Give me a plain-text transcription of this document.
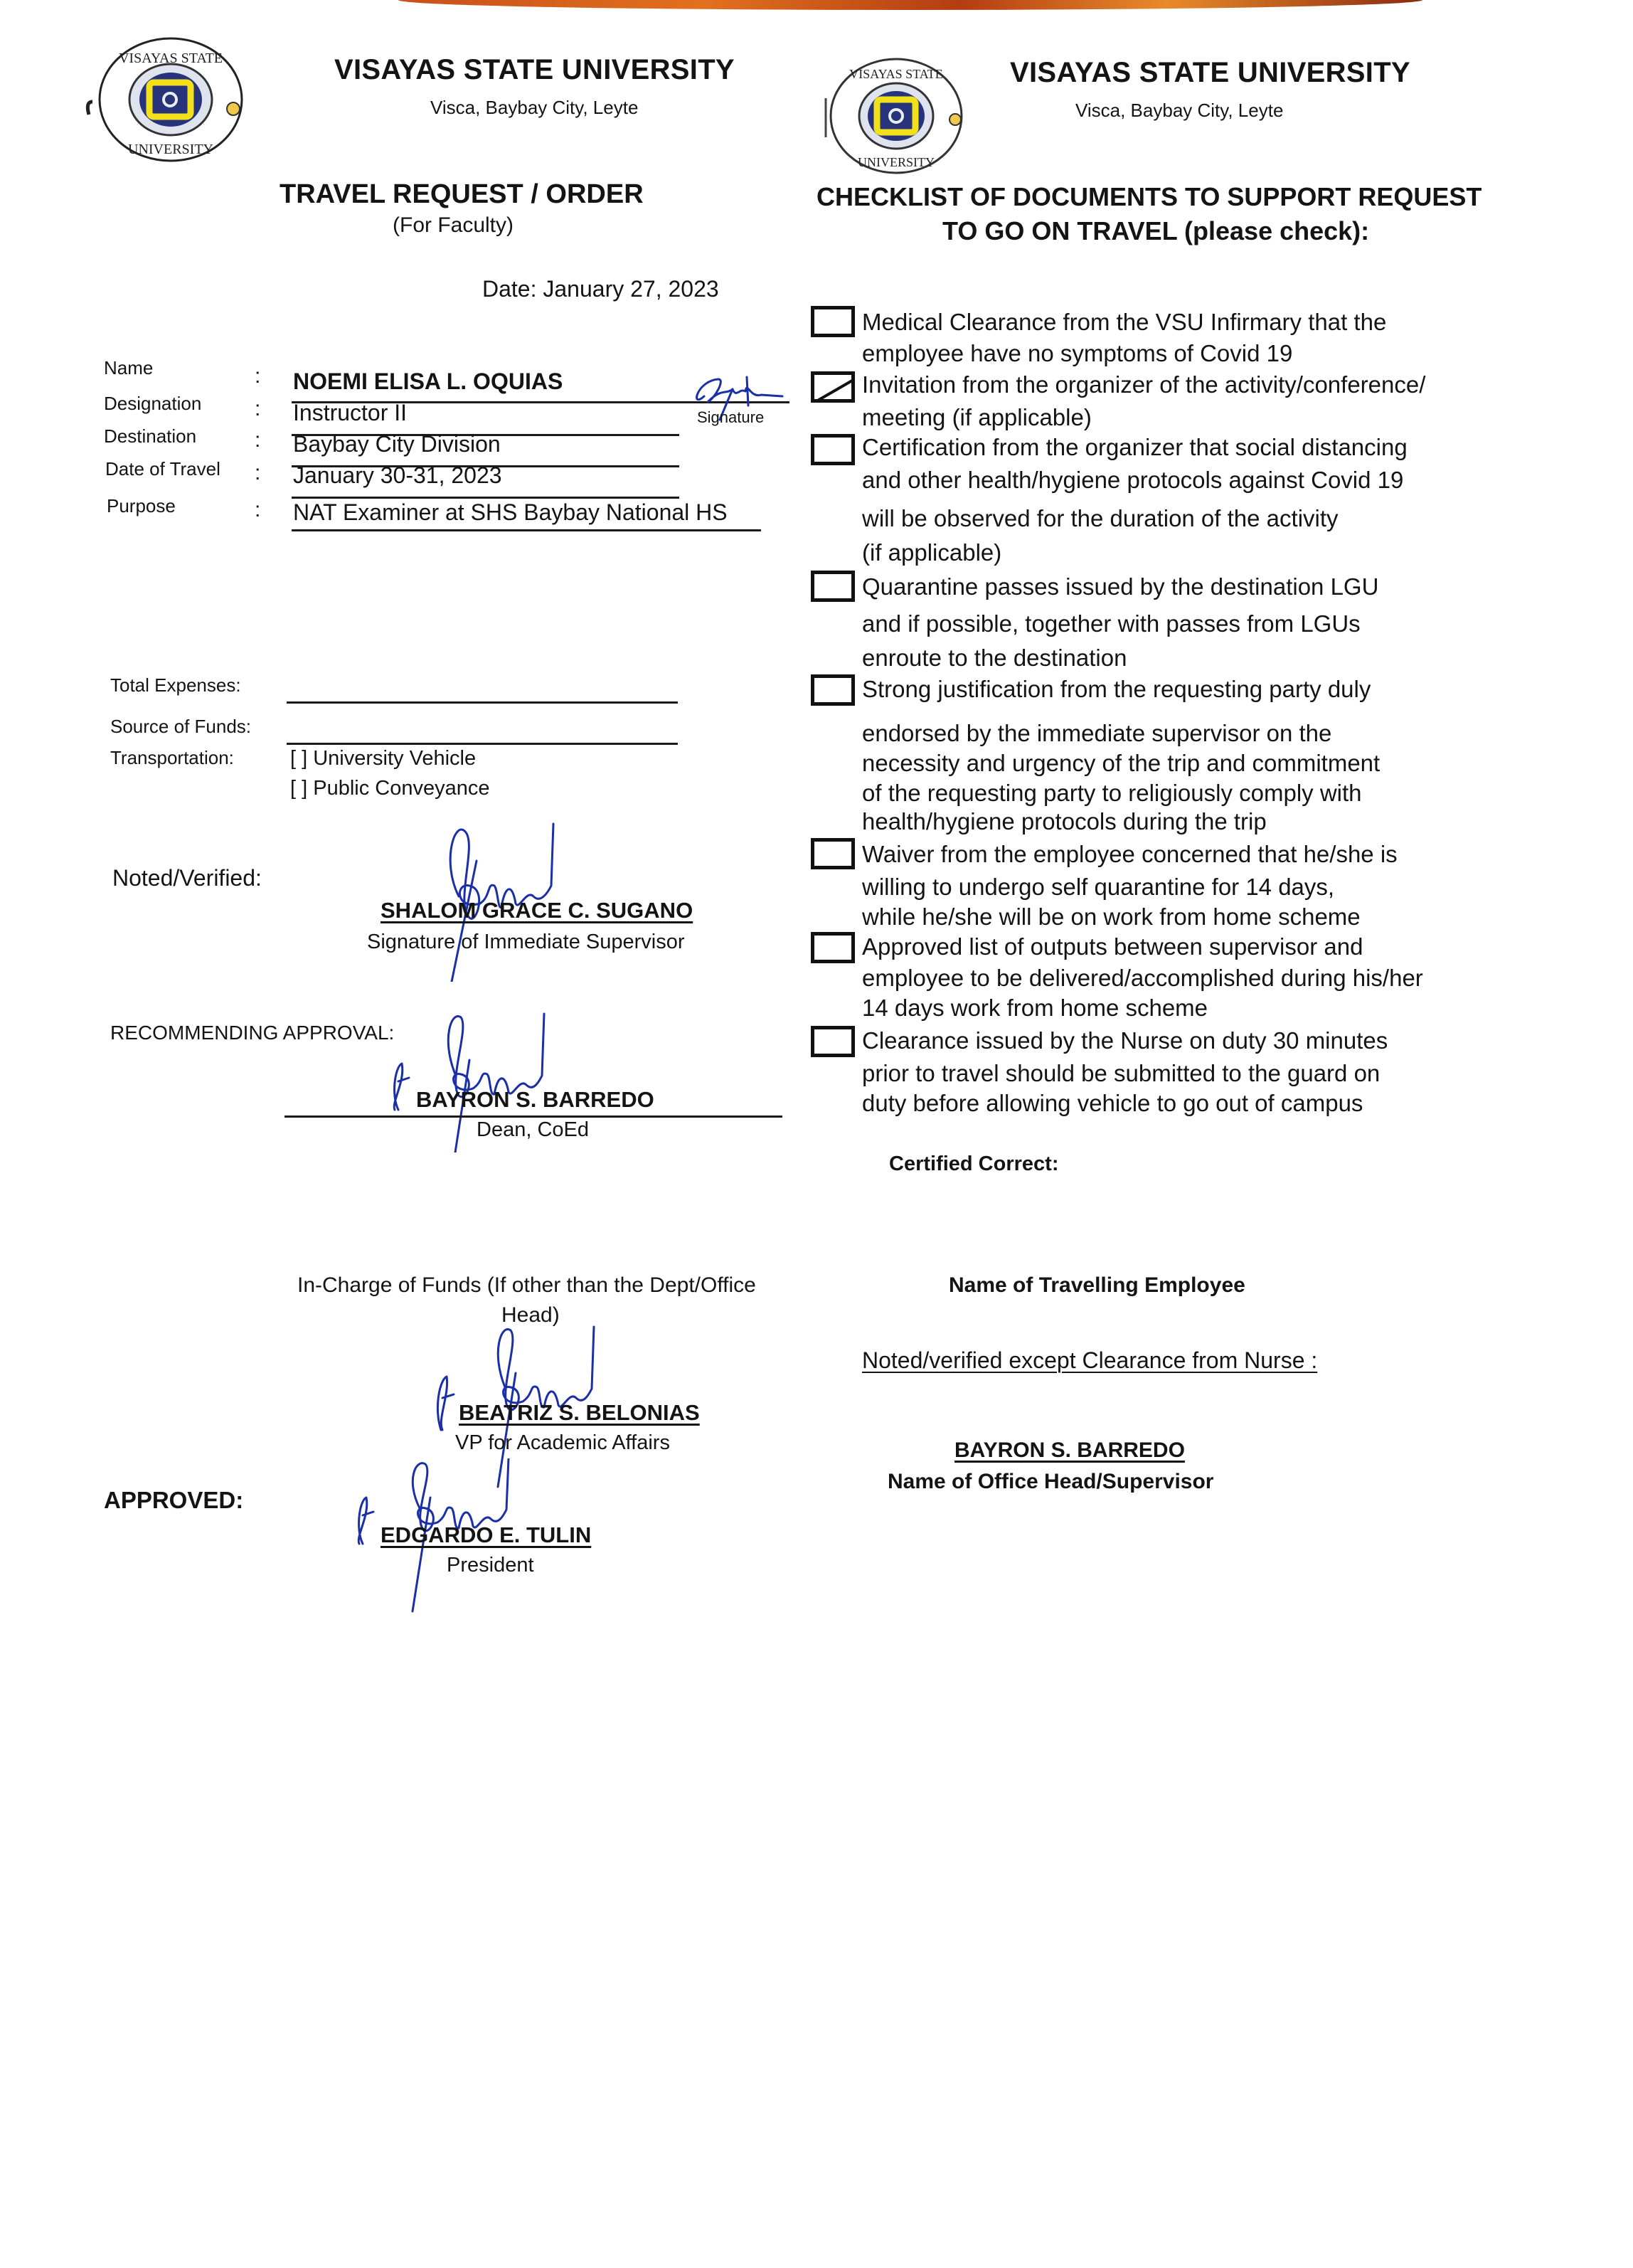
VISAYAS STATE
UNIVERSITY
VISAYAS STATE UNIVERSITY
Visca, Baybay City, Leyte
TRAVEL REQUEST / ORDER
(For Faculty)
Date: January 27, 2023
Name	: NOEMI ELISA L. OQUIAS
Designation : Instructor II
Destination	: Baybay City Division
Date of Travel : January 30-31, 2023
Purpose	: NAT Examiner at SHS Baybay National HS
Signature
Total Expenses:
Source of Funds:
Transportation:	[ ] University Vehicle
[ ] Public Conveyance
Noted/Verified:
SHALOM GRACE C. SUGANO
Signature of Immediate Supervisor
RECOMMENDING APPROVAL:
BAYRON S. BARREDO
Dean, CoEd
In-Charge of Funds (If other than the Dept/Office
Head)
BEATRIZ S. BELONIAS
VP for Academic Affairs
APPROVED:
EDGARDO E. TULIN
President
VISAYAS STATE
UNIVERSITY
VISAYAS STATE UNIVERSITY
Visca, Baybay City, Leyte
CHECKLIST OF DOCUMENTS TO SUPPORT REQUEST
TO GO ON TRAVEL (please check):
Medical Clearance from the VSU Infirmary that the
employee have no symptoms of Covid 19
Invitation from the organizer of the activity/conference/
meeting (if applicable)
Certification from the organizer that social distancing
and other health/hygiene protocols against Covid 19
will be observed for the duration of the activity
(if applicable)
Quarantine passes issued by the destination LGU
and if possible, together with passes from LGUs
enroute to the destination
Strong justification from the requesting party duly
endorsed by the immediate supervisor on the
necessity and urgency of the trip and commitment
of the requesting party to religiously comply with
health/hygiene protocols during the trip
Waiver from the employee concerned that he/she is
willing to undergo self quarantine for 14 days,
while he/she will be on work from home scheme
Approved list of outputs between supervisor and
employee to be delivered/accomplished during his/her
14 days work from home scheme
Clearance issued by the Nurse on duty 30 minutes
prior to travel should be submitted to the guard on
duty before allowing vehicle to go out of campus
Certified Correct:
Name of Travelling Employee
Noted/verified except Clearance from Nurse :
BAYRON S. BARREDO
Name of Office Head/Supervisor
